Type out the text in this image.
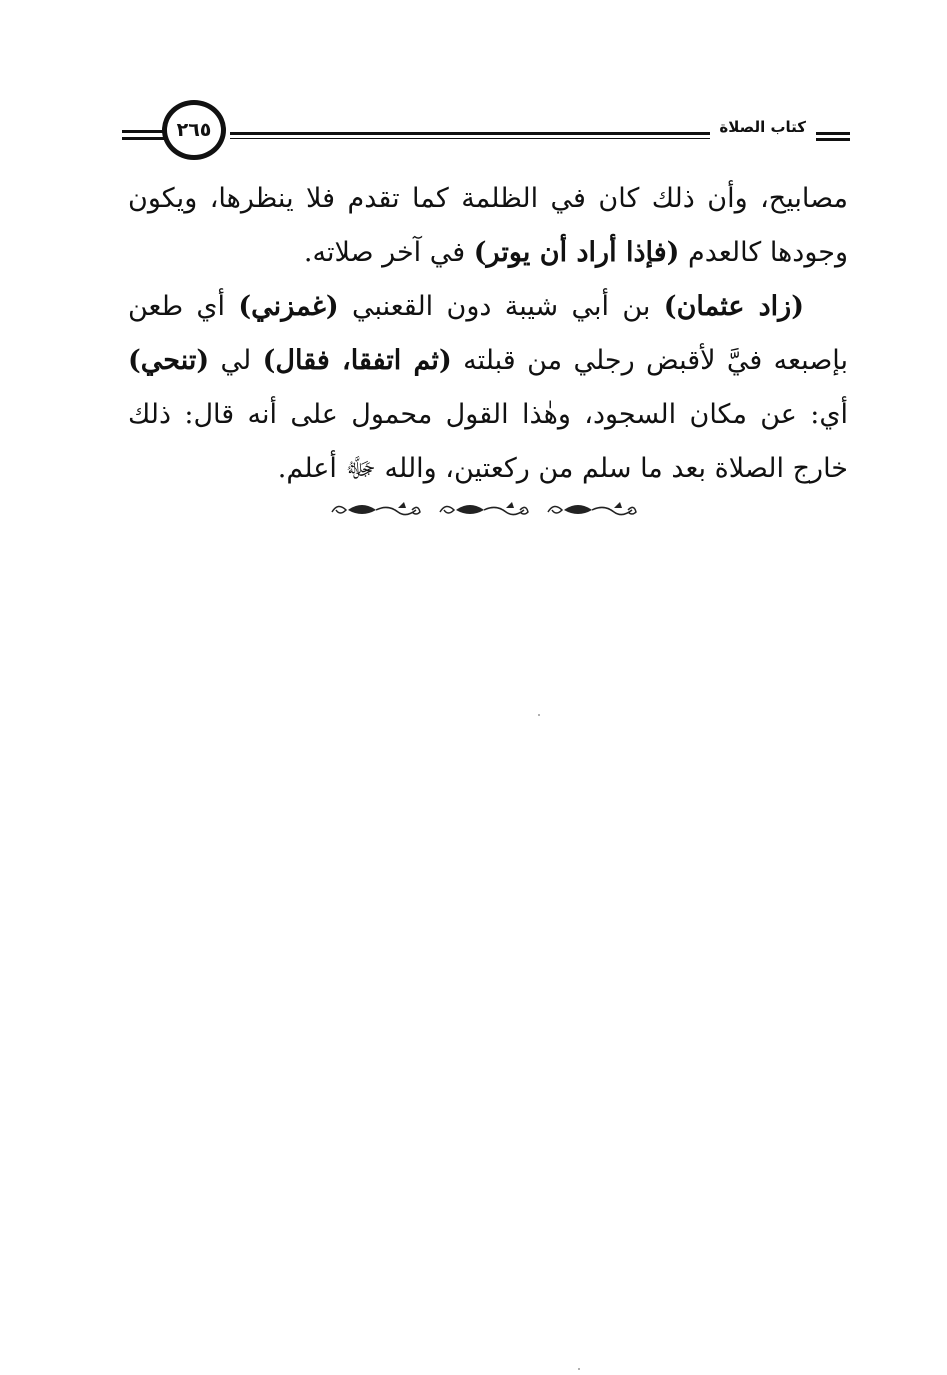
٢٦٥	كتاب الصلاة

مصابيح، وأن ذلك كان في الظلمة كما تقدم فلا ينظرها، ويكون وجودها كالعدم (فإذا أراد أن يوتر) في آخر صلاته.

(زاد عثمان) بن أبي شيبة دون القعنبي (غمزني) أي طعن بإصبعه فيَّ لأقبض رجلي من قبلته (ثم اتفقا، فقال) لي (تنحي) أي: عن مكان السجود، وهٰذا القول محمول على أنه قال: ذلك خارج الصلاة بعد ما سلم من ركعتين، والله ﷻ أعلم.
